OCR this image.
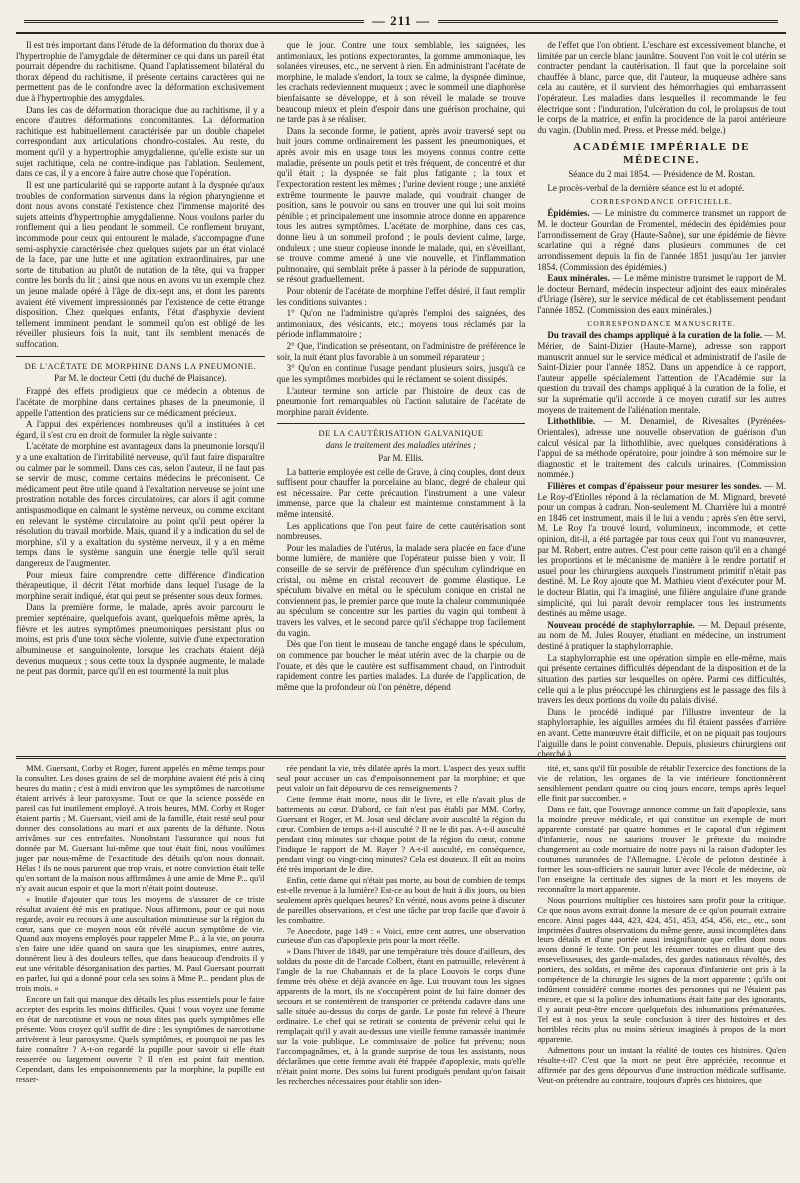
— 211 —

Il est très important dans l'étude de la déformation du thorax due à l'hypertrophie de l'amygdale de déterminer ce qui dans un pareil état pourrait dépendre du rachitisme. Quand l'aplatissement bilatéral du thorax dépend du rachitisme, il présente certains caractères qui ne permettent pas de le confondre avec la déformation exclusivement due à l'hypertrophie des amygdales.

Dans les cas de déformation thoracique due au rachitisme, il y a encore d'autres déformations concomitantes. La déformation rachitique est habituellement caractérisée par un double chapelet correspondant aux articulations chondro-costales. Au reste, du moment qu'il y a hypertrophie amygdalienne, qu'elle existe sur un sujet rachitique, cela ne contre-indique pas l'ablation. Seulement, dans ce cas, il y a encore à faire autre chose que l'opération.

Il est une particularité qui se rapporte autant à la dyspnée qu'aux troubles de conformation survenus dans la région pharyngienne et dont nous avons constaté l'existence chez l'immense majorité des sujets atteints d'hypertrophie amygdalienne. Nous voulons parler du ronflement qui a lieu pendant le sommeil. Ce ronflement bruyant, incommode pour ceux qui entourent le malade, s'accompagne d'une semi-asphyxie caractérisée chez quelques sujets par un état violacé de la face, par une lutte et une agitation extraordinaires, par une sorte de titubation au plutôt de nutation de la tête, qui va frapper contre les bords du lit ; ainsi que nous en avons vu un exemple chez un jeune malade opéré à l'âge de dix-sept ans, et dont les parents avaient été vivement impressionnés par l'existence de cette étrange disposition. Chez quelques enfants, l'état d'asphyxie devient tellement imminent pendant le sommeil qu'on est obligé de les réveiller plusieurs fois la nuit, tant ils semblent menacés de suffocation.

DE L'ACÉTATE DE MORPHINE DANS LA PNEUMONIE.
Par M. le docteur Cetti (du duché de Plaisance).

Frappé des effets prodigieux que ce médecin a obtenus de l'acétate de morphine dans certaines phases de la pneumonie, il appelle l'attention des praticiens sur ce médicament précieux.

A l'appui des expériences nombreuses qu'il a instituées à cet égard, il s'est cru en droit de formuler la règle suivante :

L'acétate de morphine est avantageux dans la pneumonie lorsqu'il y a une exaltation de l'irritabilité nerveuse, qu'il faut faire disparaître ou calmer par le sommeil. Dans ces cas, selon l'auteur, il ne faut pas se servir de musc, comme certains médecins le préconisent. Ce médicament peut être utile quand à l'exaltation nerveuse se joint une prostration notable des forces circulatoires, car alors il agit comme antispasmodique en calmant le système nerveux, ou comme excitant en relevant le système circulatoire au point qu'il peut opérer la résolution du travail morbide. Mais, quand il y a indication du sel de morphine, s'il y a exaltation du système nerveux, il y a en même temps dans le système sanguin une énergie telle qu'il serait dangereux de l'augmenter.

Pour mieux faire comprendre cette différence d'indication thérapeutique, il décrit l'état morbide dans lequel l'usage de la morphine serait indiqué, état qui peut se présenter sous deux formes.

Dans la première forme, le malade, après avoir parcouru le premier septénaire, quelquefois avant, quelquefois même après, la fièvre et les autres symptômes pneumoniques persistant plus ou moins, est pris d'une toux sèche violente, suivie d'une expectoration albumineuse et sanguinolente, lorsque les crachats étaient déjà devenus muqueux ; sous cette toux la dyspnée augmente, le malade ne peut pas dormir, parce qu'il en est tourmenté la nuit plus

que le jour. Contre une toux semblable, les saignées, les antimoniaux, les potions expectorantes, la gomme ammoniaque, les solanées vireuses, etc., ne servent à rien. En administrant l'acétate de morphine, le malade s'endort, la toux se calme, la dyspnée diminue, les crachats redeviennent muqueux ; avec le sommeil une diaphorèse bienfaisante se développe, et à son réveil le malade se trouve beaucoup mieux et plein d'espoir dans une guérison prochaine, qui ne tarde pas à se réaliser.

Dans la seconde forme, le patient, après avoir traversé sept ou huit jours comme ordinairement les passent les pneumoniques, et après avoir mis en usage tous les moyens connus contre cette maladie, présente un pouls petit et très fréquent, de concentré et dur qu'il était ; la dyspnée se fait plus fatigante ; la toux et l'expectoration restent les mêmes ; l'urine devient rouge ; une anxiété extrême tourmente le pauvre malade, qui voudrait changer de position, sans le pouvoir ou sans en trouver une qui lui soit moins pénible ; et principalement une insomnie atroce donne en apparence tous les autres symptômes. L'acétate de morphine, dans ces cas, donne lieu à un sommeil profond ; le pouls devient calme, large, onduleux ; une sueur copieuse inonde le malade, qui, en s'éveillant, se trouve comme amené à une vie nouvelle, et l'inflammation pulmonaire, qui semblait prête à passer à la période de suppuration, se résout graduellement.

Pour obtenir de l'acétate de morphine l'effet désiré, il faut remplir les conditions suivantes :

1° Qu'on ne l'administre qu'après l'emploi des saignées, des antimoniaux, des vésicants, etc.; moyens tous réclamés par la période inflammatoire ;

2° Que, l'indication se présentant, on l'administre de préférence le soir, la nuit étant plus favorable à un sommeil réparateur ;

3° Qu'on en continue l'usage pendant plusieurs soirs, jusqu'à ce que les symptômes morbides qui le réclament se soient dissipés.

L'auteur termine son article par l'histoire de deux cas de pneumonie fort remarquables où l'action salutaire de l'acétate de morphine parait évidente.

DE LA CAUTÉRISATION GALVANIQUE
dans le traitement des maladies utérines ;
Par M. Ellis.

La batterie employée est celle de Grave, à cinq couples, dont deux suffisent pour chauffer la porcelaine au blanc, degré de chaleur qui est nécessaire. Par cette précaution l'instrument a une valeur immense, parce que la chaleur est maintenue constamment à la même intensité.

Les applications que l'on peut faire de cette cautérisation sont nombreuses.

Pour les maladies de l'utérus, la malade sera placée en face d'une bonne lumière, de manière que l'opérateur puisse bien y voir. Il conseille de se servir de préférence d'un spéculum cylindrique en cristal, ou même en cristal recouvert de gomme élastique. Le spéculum bivalve en métal ou le spéculum conique en cristal ne conviennent pas, le premier parce que toute la chaleur communiquée au spéculum se concentre sur les parties du vagin qui tombent à travers les valves, et le second parce qu'il s'échappe trop facilement du vagin.

Dès que l'on tient le museau de tanche engagé dans le spéculum, on commence par boucher le méat utérin avec de la charpie ou de l'ouate, et dès que le cautère est suffisamment chaud, on l'introduit rapidement contre les parties malades. La durée de l'application, de même que la profondeur où l'on pénètre, dépend

de l'effet que l'on obtient. L'eschare est excessivement blanche, et limitée par un cercle blanc jaunâtre. Souvent l'on voit le col utérin se contracter pendant la cautérisation. Il faut que la porcelaine soit chauffée à blanc, parce que, dit l'auteur, la muqueuse adhère sans cela au cautère, et il survient des hémorrhagies qui embarrassent l'opérateur. Les maladies dans lesquelles il recommande le feu électrique sont : l'induration, l'ulcération du col, le prolapsus de tout le corps de la matrice, et enfin la procidence de la paroi antérieure du vagin. (Dublin med. Press. et Presse méd. belge.)

ACADÉMIE IMPÉRIALE DE MÉDECINE.
Séance du 2 mai 1854. — Présidence de M. Rostan.

Le procès-verbal de la dernière séance est lu et adopté.

CORRESPONDANCE OFFICIELLE.

Épidémies. — Le ministre du commerce transmet un rapport de M. le docteur Gourdan de Fromentel, médecin des épidémies pour l'arrondissement de Gray (Haute-Saône), sur une épidémie de fièvre scarlatine qui a régné dans plusieurs communes de cet arrondissement depuis la fin de l'année 1851 jusqu'au 1er janvier 1854. (Commission des épidémies.)

Eaux minérales. — Le même ministre transmet le rapport de M. le docteur Bernard, médecin inspecteur adjoint des eaux minérales d'Uriage (Isère), sur le service médical de cet établissement pendant l'année 1852. (Commission des eaux minérales.)

CORRESPONDANCE MANUSCRITE.

Du travail des champs appliqué à la curation de la folie. — M. Mérier, de Saint-Dizier (Haute-Marne), adresse son rapport manuscrit annuel sur le service médical et administratif de l'asile de Saint-Dizier pour l'année 1852. Dans un appendice à ce rapport, l'auteur appelle spécialement l'attention de l'Académie sur la question du travail des champs appliqué à la curation de la folie, et sur la suprématie qu'il accorde à ce moyen curatif sur les autres moyens de traitement de l'aliénation mentale.

Lithothlibie. — M. Denamiel, de Rivesaltes (Pyrénées-Orientales), adresse une nouvelle observation de guérison d'un calcul vésical par la lithothlibie, avec quelques considérations à l'appui de sa méthode opératoire, pour joindre à son mémoire sur le diagnostic et le traitement des calculs urinaires. (Commission nommée.)

Filières et compas d'épaisseur pour mesurer les sondes. — M. Le Roy-d'Etiolles répond à la réclamation de M. Mignard, breveté pour un compas à cadran. Non-seulement M. Charrière lui a montré en 1846 cet instrument, mais il le lui a vendu ; après s'en être servi, M. Le Roy l'a trouvé lourd, volumineux, incommode, et cette opinion, dit-il, a été partagée par tous ceux qui l'ont vu manœuvrer, par M. Robert, entre autres. C'est pour cette raison qu'il en a changé les proportions et le mécanisme de manière à le rendre portatif et usuel pour les chirurgiens auxquels l'instrument primitif n'était pas destiné. M. Le Roy ajoute que M. Mathieu vient d'exécuter pour M. le docteur Blatin, qui l'a imaginé, une filière angulaire d'une grande simplicité, qui lui paraît devoir remplacer tous les instruments destinés au même usage.

Nouveau procédé de staphylorraphie. — M. Depaul présente, au nom de M. Jules Rouyer, étudiant en médecine, un instrument destiné à pratiquer la staphylorraphie.

La staphylorraphie est une opération simple en elle-même, mais qui présente certaines difficultés dépendant de la disposition et de la situation des parties sur lesquelles on opère. Parmi ces difficultés, celle qui a le plus préoccupé les chirurgiens est le passage des fils à travers les deux portions du voile du palais divisé.

Dans le procédé indiqué par l'illustre inventeur de la staphylorraphie, les aiguilles armées du fil étaient passées d'arrière en avant. Cette manœuvre était difficile, et on ne piquait pas toujours l'aiguille dans le point convenable. Depuis, plusieurs chirurgiens ont cherché à

MM. Guersant, Corby et Roger, furent appelés en même temps pour la consulter. Les doses grains de sel de morphine avaient été pris à cinq heures du matin ; c'est à midi environ que les symptômes de narcotisme étaient arrivés à leur paroxysme. Tout ce que la science possède en pareil cas fut inutilement employé. A trois heures, MM. Corby et Roger étaient partis ; M. Guersant, vieil ami de la famille, était resté seul pour donner des consolations au mari et aux parents de la défunte. Nous arrivâmes sur ces entrefaites. Nonobstant l'assurance qui nous fut donnée par M. Guersant lui-même que tout était fini, nous voulûmes juger par nous-même de l'exactitude des détails qu'on nous donnait. Hélas ! ils ne nous parurent que trop vrais, et notre conviction était telle qu'en sortant de la maison nous affirmâmes à une amie de Mme P... qu'il n'y avait aucun espoir et que la mort n'était point douteuse.

« Inutile d'ajouter que tous les moyens de s'assurer de ce triste résultat avaient été mis en pratique. Nous affirmons, pour ce qui nous regarde, avoir eu recours à une auscultation minutieuse sur la région du cœur, sans que ce moyen nous eût révélé aucun symptôme de vie. Quand aux moyens employés pour rappeler Mme P... à la vie, on pourra s'en faire une idée quand on saura que les sinapismes, entre autres, donnèrent lieu à des douleurs telles, que dans beaucoup d'endroits il y eut une véritable désorganisation des parties. M. Paul Guersant pourrait en parler, lui qui a donné pour cela ses soins à Mme P... pendant plus de trois mois. »

Encore un fait qui manque des détails les plus essentiels pour le faire accepter des esprits les moins difficiles. Quoi ! vous voyez une femme en état de narcotisme et vous ne nous dites pas quels symptômes elle présente. Vous croyez qu'il suffit de dire : les symptômes de narcotisme arrivèrent à leur paroxysme. Quels symptômes, et pourquoi ne pas les faire connaître ? A-t-on regardé la pupille pour savoir si elle était resserrée ou largement ouverte ? Il n'en est point fait mention. Cependant, dans les empoisonnements par la morphine, la pupille est resser-

rée pendant la vie, très dilatée après la mort. L'aspect des yeux suffit seul pour accuser un cas d'empoisonnement par la morphine; et que peut valoir un fait dépourvu de ces renseignements ?

Cette femme était morte, nous dit le livre, et elle n'avait plus de battements au cœur. D'abord, ce fait n'est pas établi par MM. Corby, Guersant et Roger, et M. Josat seul déclare avoir ausculté la région du cœur. Combien de temps a-t-il ausculté ? Il ne le dit pas. A-t-il ausculté pendant cinq minutes sur chaque point de la région du cœur, comme l'indique le rapport de M. Rayer ? A-t-il ausculté, en conséquence, pendant vingt ou vingt-cinq minutes? Cela est douteux. Il eût au moins été très important de le dire.

Enfin, cette dame qui n'était pas morte, au bout de combien de temps est-elle revenue à la lumière? Est-ce au bout de huit à dix jours, ou bien seulement après quelques heures? En vérité, nous avons peine à discuter de pareilles observations, et c'est une tâche par trop facile que d'avoir à les combattre.

7e Anecdote, page 149 : « Voici, entre cent autres, une observation curieuse d'un cas d'apoplexie pris pour la mort réelle.

» Dans l'hiver de 1849, par une température très douce d'ailleurs, des soldats du poste dit de l'arcade Colbert, étant en patrouille, relevèrent à l'angle de la rue Chabannais et de la place Louvois le corps d'une femme très obèse et déjà avancée en âge. Lui trouvant tous les signes apparents de la mort, ils ne s'occupèrent point de lui faire donner des secours et se contentèrent de transporter ce prétendu cadavre dans une salle située au-dessus du corps de garde. Le poste fut relevé à l'heure ordinaire. Le chef qui se retirait se contenta de prévenir celui qui le remplaçait qu'il y avait au-dessus une vieille femme ramassée inanimée sur la voie publique. Le commissaire de police fut prévenu; nous l'accompagnâmes, et, à la grande surprise de tous les assistants, nous déclarâmes que cette femme avait été frappée d'apoplexie, mais qu'elle n'était point morte. Des soins lui furent prodigués pendant qu'on faisait les recherches nécessaires pour établir son iden-

tité, et, sans qu'il fût possible de rétablir l'exercice des fonctions de la vie de relation, les organes de la vie intérieure fonctionnèrent sensiblement pendant quatre ou cinq jours encore, temps après lequel elle finit par succomber. »

Dans ce fait, que l'ouvrage annonce comme un fait d'apoplexie, sans la moindre preuve médicale, et qui constitue un exemple de mort apparente constaté par quatre hommes et le caporal d'un régiment d'infanterie, nous ne saurions trouver le prétexte du moindre changement au code mortuaire de notre pays ni la raison d'adopter les coutumes surannées de l'Allemagne. L'école de peloton destinée à former les sous-officiers ne saurait lutter avec l'école de médecine, où l'on enseigne la certitude des signes de la mort et les moyens de reconnaître la mort apparente.

Nous pourrions multiplier ces histoires sans profit pour la critique. Ce que nous avons extrait donne la mesure de ce qu'on pourrait extraire encore. Ainsi pages 444, 423, 424, 451, 453, 454, 456, etc., etc., sont imprimées d'autres observations du même genre, aussi incomplètes dans leurs détails et d'une portée aussi insignifiante que celles dont nous avons donné le texte. On peut les résumer toutes en disant que des ensevelisseuses, des garde-malades, des gardes nationaux révoltés, des portiers, des soldats, et même des caporaux d'infanterie ont pris à la compétence de la chirurgie les signes de la mort apparente ; qu'ils ont indûment considéré comme mortes des personnes qui ne l'étaient pas encore, et que si la police des inhumations était faite par des ignorants, il y aurait peut-être encore quelquefois des inhumations prématurées. Tel est à nos yeux la seule conclusion à tirer des histoires et des horribles récits plus ou moins sérieux imaginés à propos de la mort apparente.

Admettons pour un instant la réalité de toutes ces histoires. Qu'en résulte-t-il? C'est que la mort ne peut être appréciée, reconnue et affirmée par des gens dépourvus d'une instruction médicale suffisante. Veut-on prétendre au contraire, toujours d'après ces histoires, que
